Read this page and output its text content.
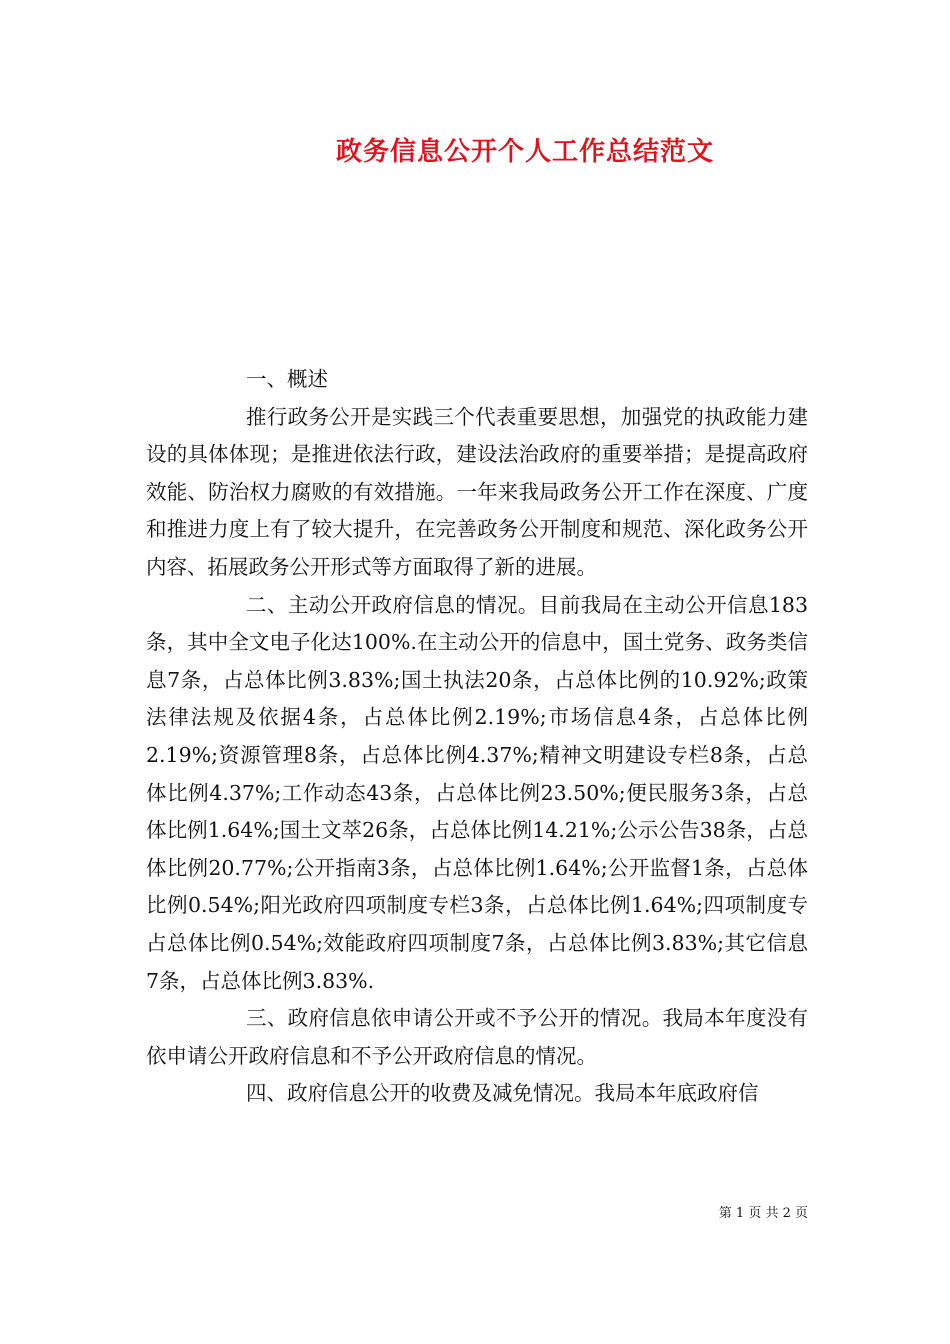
政务信息公开个人工作总结范文

一、概述

推行政务公开是实践三个代表重要思想，加强党的执政能力建设的具体体现；是推进依法行政，建设法治政府的重要举措；是提高政府效能、防治权力腐败的有效措施。一年来我局政务公开工作在深度、广度和推进力度上有了较大提升，在完善政务公开制度和规范、深化政务公开内容、拓展政务公开形式等方面取得了新的进展。

二、主动公开政府信息的情况。目前我局在主动公开信息183条，其中全文电子化达100%.在主动公开的信息中，国土党务、政务类信息7条，占总体比例3.83%;国土执法20条，占总体比例的10.92%;政策法律法规及依据4条，占总体比例2.19%;市场信息4条，占总体比例2.19%;资源管理8条，占总体比例4.37%;精神文明建设专栏8条，占总体比例4.37%;工作动态43条，占总体比例23.50%;便民服务3条，占总体比例1.64%;国土文萃26条，占总体比例14.21%;公示公告38条，占总体比例20.77%;公开指南3条，占总体比例1.64%;公开监督1条，占总体比例0.54%;阳光政府四项制度专栏3条，占总体比例1.64%;四项制度专占总体比例0.54%;效能政府四项制度7条，占总体比例3.83%;其它信息7条，占总体比例3.83%.

三、政府信息依申请公开或不予公开的情况。我局本年度没有依申请公开政府信息和不予公开政府信息的情况。

四、政府信息公开的收费及减免情况。我局本年底政府信

第 1 页 共 2 页
